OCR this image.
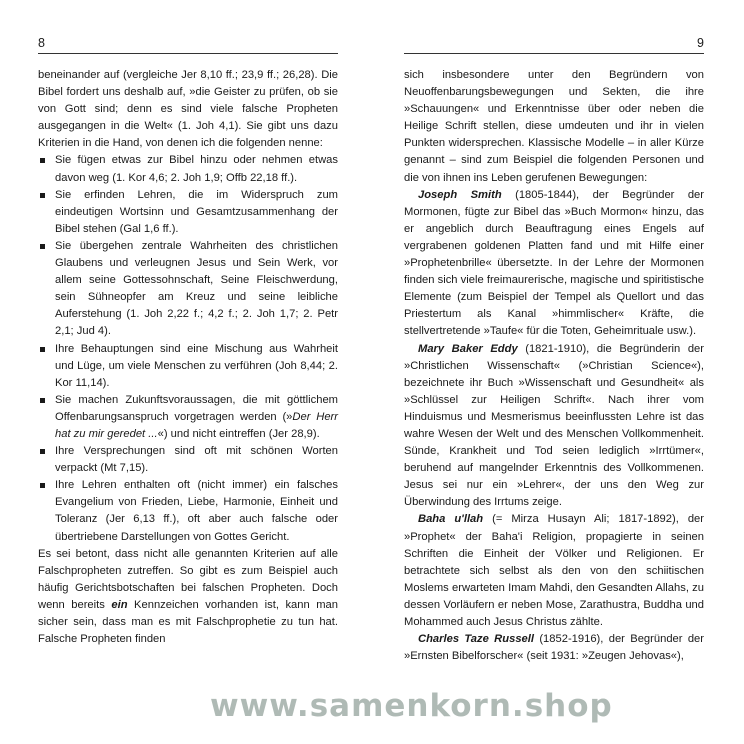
8

beneinander auf (vergleiche Jer 8,10 ff.; 23,9 ff.; 26,28). Die Bibel fordert uns deshalb auf, »die Geister zu prüfen, ob sie von Gott sind; denn es sind viele falsche Propheten ausgegangen in die Welt« (1. Joh 4,1). Sie gibt uns dazu Kriterien in die Hand, von denen ich die folgenden nenne:

Sie fügen etwas zur Bibel hinzu oder nehmen etwas davon weg (1. Kor 4,6; 2. Joh 1,9; Offb 22,18 ff.).
Sie erfinden Lehren, die im Widerspruch zum eindeutigen Wortsinn und Gesamtzusammenhang der Bibel stehen (Gal 1,6 ff.).
Sie übergehen zentrale Wahrheiten des christlichen Glaubens und verleugnen Jesus und Sein Werk, vor allem seine Gottessohnschaft, Seine Fleischwerdung, sein Sühneopfer am Kreuz und seine leibliche Auferstehung (1. Joh 2,22 f.; 4,2 f.; 2. Joh 1,7; 2. Petr 2,1; Jud 4).
Ihre Behauptungen sind eine Mischung aus Wahrheit und Lüge, um viele Menschen zu verführen (Joh 8,44; 2. Kor 11,14).
Sie machen Zukunftsvoraussagen, die mit göttlichem Offenbarungsanspruch vorgetragen werden (»Der Herr hat zu mir geredet ...«) und nicht eintreffen (Jer 28,9).
Ihre Versprechungen sind oft mit schönen Worten verpackt (Mt 7,15).
Ihre Lehren enthalten oft (nicht immer) ein falsches Evangelium von Frieden, Liebe, Harmonie, Einheit und Toleranz (Jer 6,13 ff.), oft aber auch falsche oder übertriebene Darstellungen von Gottes Gericht.

Es sei betont, dass nicht alle genannten Kriterien auf alle Falschpropheten zutreffen. So gibt es zum Beispiel auch häufig Gerichtsbotschaften bei falschen Propheten. Doch wenn bereits ein Kennzeichen vorhanden ist, kann man sicher sein, dass man es mit Falschprophetie zu tun hat. Falsche Propheten finden

9

sich insbesondere unter den Begründern von Neuoffenbarungsbewegungen und Sekten, die ihre »Schauungen« und Erkenntnisse über oder neben die Heilige Schrift stellen, diese umdeuten und ihr in vielen Punkten widersprechen. Klassische Modelle – in aller Kürze genannt – sind zum Beispiel die folgenden Personen und die von ihnen ins Leben gerufenen Bewegungen:

Joseph Smith (1805-1844), der Begründer der Mormonen, fügte zur Bibel das »Buch Mormon« hinzu, das er angeblich durch Beauftragung eines Engels auf vergrabenen goldenen Platten fand und mit Hilfe einer »Prophetenbrille« übersetzte. In der Lehre der Mormonen finden sich viele freimaurerische, magische und spiritistische Elemente (zum Beispiel der Tempel als Quellort und das Priestertum als Kanal »himmlischer« Kräfte, die stellvertretende »Taufe« für die Toten, Geheimrituale usw.).

Mary Baker Eddy (1821-1910), die Begründerin der »Christlichen Wissenschaft« (»Christian Science«), bezeichnete ihr Buch »Wissenschaft und Gesundheit« als »Schlüssel zur Heiligen Schrift«. Nach ihrer vom Hinduismus und Mesmerismus beeinflussten Lehre ist das wahre Wesen der Welt und des Menschen Vollkommenheit. Sünde, Krankheit und Tod seien lediglich »Irrtümer«, beruhend auf mangelnder Erkenntnis des Vollkommenen. Jesus sei nur ein »Lehrer«, der uns den Weg zur Überwindung des Irrtums zeige.

Baha u'llah (= Mirza Husayn Ali; 1817-1892), der »Prophet« der Baha'i Religion, propagierte in seinen Schriften die Einheit der Völker und Religionen. Er betrachtete sich selbst als den von den schiitischen Moslems erwarteten Imam Mahdi, den Gesandten Allahs, zu dessen Vorläufern er neben Mose, Zarathustra, Buddha und Mohammed auch Jesus Christus zählte.

Charles Taze Russell (1852-1916), der Begründer der »Ernsten Bibelforscher« (seit 1931: »Zeugen Jehovas«),

www.samenkorn.shop
